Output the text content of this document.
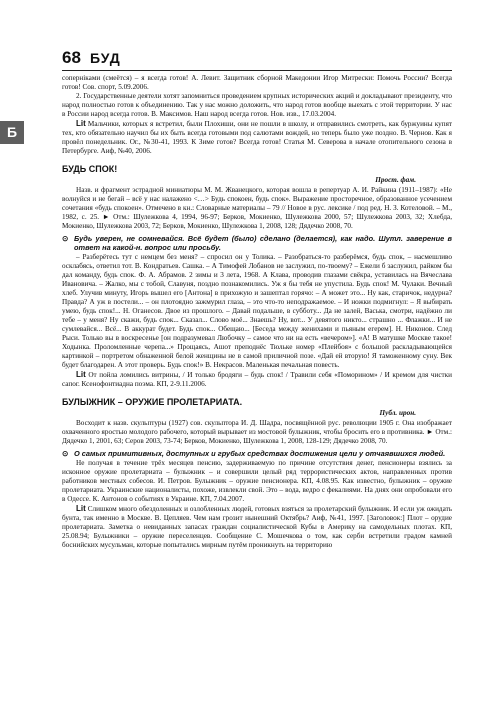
68 БУД
Б

сопернiками (смеётся) – я всегда готов! А. Левит. Защитник сборной Македонии Игор Митрески: Помочь России? Всегда готов! Сов. спорт, 5.09.2006.

2. Государственные деятели хотят запомниться проведением крупных исторических акций и докладывают президенту, что народ полностью готов к объединению. Так у нас можно доложить, что народ готов вообще выехать с этой территории. У нас в России народ всегда готов. В. Максимов. Наш народ всегда готов. Нов. изв., 17.03.2004.

Lit Мальчики, которых я встретил, были Плохиши, они не пошли в школу, и отправились смотреть, как буржуины купят тех, кто обязательно научил бы их быть всегда готовыми под салютами вождей, но теперь было уже поздно. В. Чернов. Как я провёл понедельник. Ог., №30-41, 1993. К Зиме готов? Всегда готов! Статья М. Северова в начале отопительного сезона в Петербурге. Аиф, №40, 2006.

БУДЬ СПОК!
Прост. фам.

Назв. и фрагмент эстрадной миниатюры М. М. Жванецкого, которая вошла в репертуар А. И. Райкина (1911–1987): «Не волнуйся и не бегай – всё у нас налажено <…> Будь спокоен, будь спок». Выражение просторечное, образованное усечением сочетания «будь спокоен». Отмечено в кн.: Словарные материалы – 79 // Новое в рус. лексике / под ред. Н. З. Котеловой. – М., 1982, с. 25. ► Отм.: Шулежкова 4, 1994, 96-97; Берков, Мокиенко, Шулежкова 2000, 57; Шулежкова 2003, 32; Хлебда, Мокиенко, Шулежкова 2003, 72; Берков, Мокиенко, Шулежкова 1, 2008, 128; Дядечко 2008, 70.

⊙ Будь уверен, не сомневайся. Всё будет (было) сделано (делается), как надо. Шутл. заверение в ответ на какой-н. вопрос или просьбу.

– Разберётесь тут с немцем без меня? – спросил он у Толика. – Разобраться-то разберёмся, будь спок, – насмешливо осклабясь, ответил тот. В. Кондратьев. Сашка. – А Тимофей Лобанов не заслужил, по-твоему? – Ежели б заслужил, райком бы дал команду, будь спок. Ф. А. Абрамов. 2 зимы и 3 лета, 1968. А Клава, проводив глазами свёкра, уставилась на Вячеслава Ивановича. – Жалко, мы с тобой, Славуня, поздно познакомились. Уж я бы тебя не упустила. Будь спок! М. Чулаки. Вечный хлеб. Улучив минуту, Игорь вышел его [Антона] в прихожую и зашептал горячо: – А может это... Ну как, старичок, недурна? Правда? А уж в постели... – он плотоядно зажмурил глаза, – это что-то неподражаемое. – И ножки подмигнул: – Я выбирать умею, будь спок!... Н. Оганесов. Двое из прошлого. – Давай подальше, в субботу... Да не залей, Васька, смотри, надёжно ли тебе – у меня? Ну скажи, будь спок... Сказал... Слово моё... Знаешь? Ну, вот... У девятого никто... страшно ... Флажки... И не сумлевайся... Всё... В аккурат будет. Будь спок... Обещаю... [Беседа между женихами и пьяным егерем]. Н. Никонов. След Рыси. Только вы в воскресенье [он подразумевал Любочку – самое что ни на есть «вечером»]. «А! В матушке Москве такое! Ходынка. Проломленные черепа...» Прощаясь, Ашот преподнёс Тюльке номер «Плейбоя» с большой раскладывающейся картинкой – портретом обнаженной белой женщины не в самой приличной позе. «Дай ей вторую! Я таможенному суну. Век будет благодарен. А этот проверь. Будь спок!» В. Некрасов. Маленькая печальная повесть.

Lit От пойла ломились витрины, / И только бродяги – будь спок! / Травили себя «Поморином» / И кремом для чистки сапог. Ксенофонтиадна поэма. КП, 2-9.11.2006.

БУЛЫЖНИК – ОРУЖИЕ ПРОЛЕТАРИАТА.
Публ. ирон.

Восходит к назв. скульптуры (1927) сов. скульптора И. Д. Шадра, посвящённой рус. революции 1905 г. Она изображает охваченного яростью молодого рабочего, который вырывает из мостовой булыжник, чтобы бросить его в противника. ► Отм.: Дядечко 1, 2001, 63; Серов 2003, 73-74; Берков, Мокиенко, Шулежкова 1, 2008, 128-129; Дядечко 2008, 70.

⊙ О самых примитивных, доступных и грубых средствах достижения цели у отчаявшихся людей.

Не получая в течение трёх месяцев пенсию, задерживаемую по причине отсутствия денег, пенсионеры взялись за исконное оружие пролетариата – булыжник – и совершили целый ряд террористических актов, направленных против работников местных собесов. И. Петров. Булыжник – оружие пенсионера. КП, 4.08.95. Как известно, булыжник – оружие пролетариата. Украинские националисты, похоже, извлекли свой. Это – вода, ведро с фекалиями. На днях они опробовали его в Одессе. К. Антонов о событиях в Украине. КП, 7.04.2007.

Lit Слишком много обездоленных и озлобленных людей, готовых взяться за пролетарский булыжник. И если уж ожидать бунта, так именно в Москве. В. Цепляев. Чем нам грозит нынешний Октябрь? Аиф, №41, 1997. [Заголовок:] Плот – орудие пролетариата. Заметка о невиданных запасах граждан социалистической Кубы в Америку на самодельных плотах. КП, 25.08.94; Булыжники – оружие переселенцев. Сообщение С. Мошечкова о том, как серби встретили градом камней боснийских мусульман, которые попытались мирным путём проникнуть на территорию
